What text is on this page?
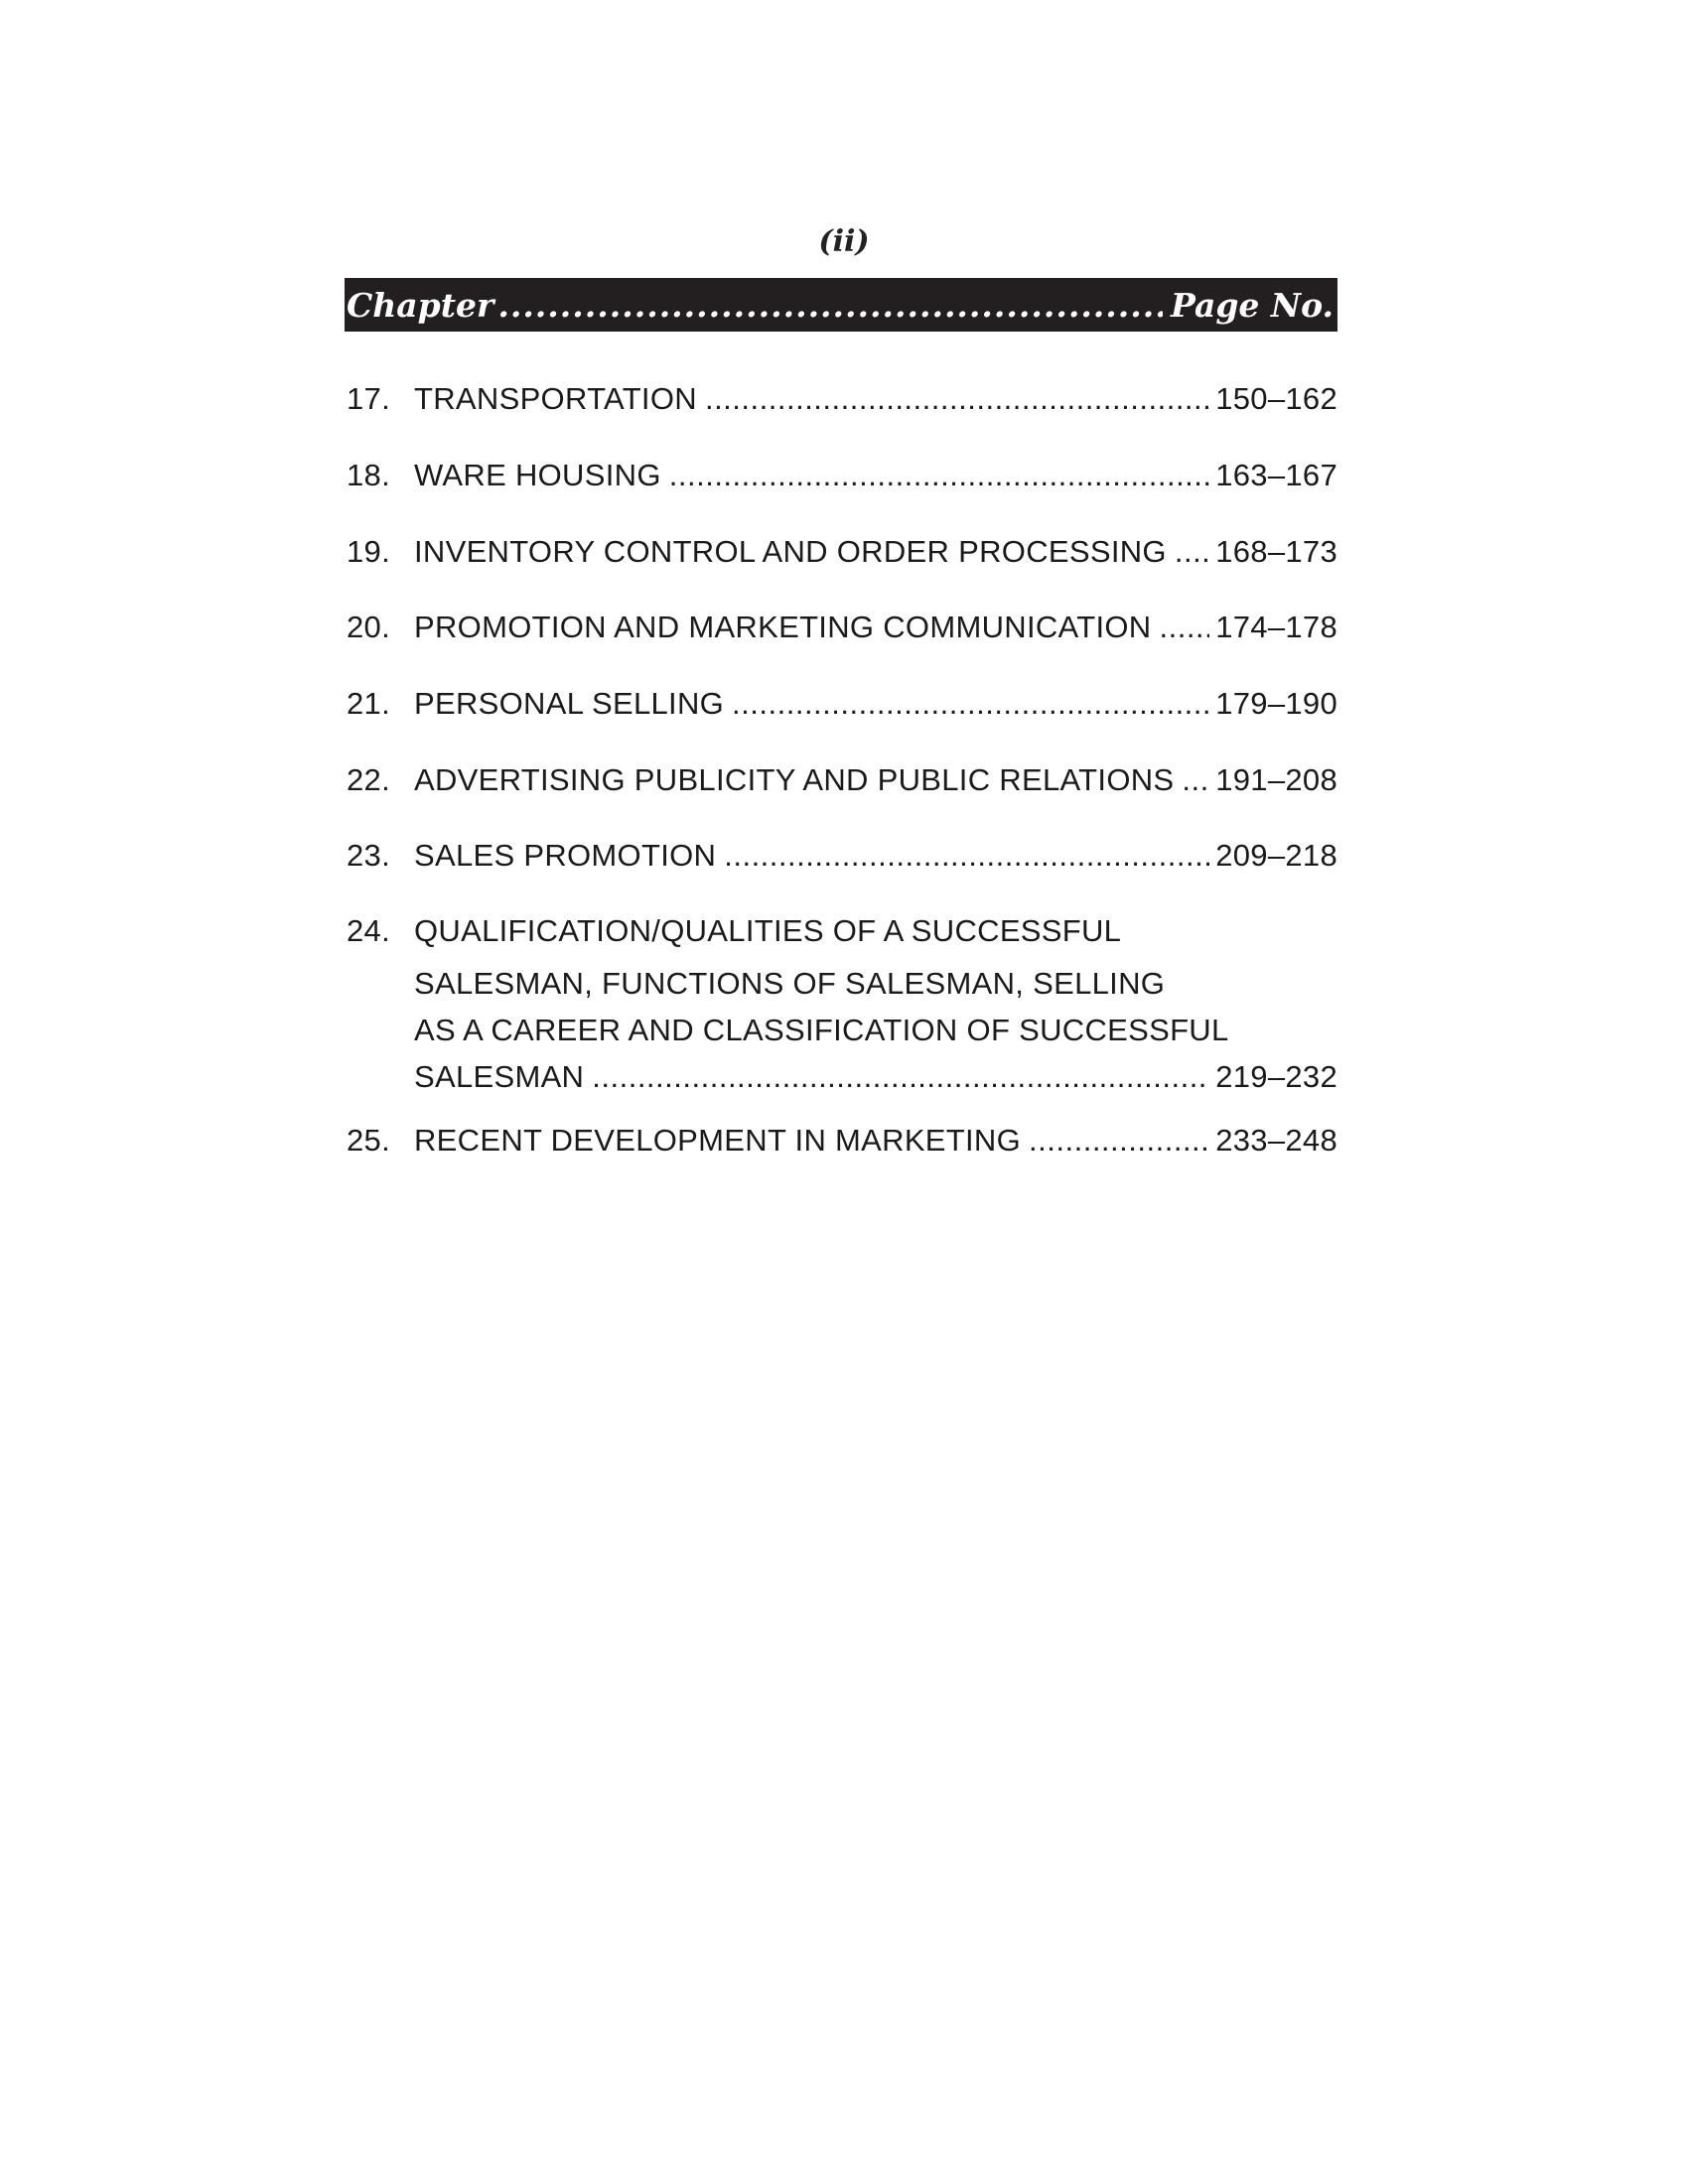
(ii)
Chapter .....	Page No.
17. TRANSPORTATION .....	150–162
18. WARE HOUSING .....	163–167
19. INVENTORY CONTROL AND ORDER PROCESSING ..... 168–173
20. PROMOTION AND MARKETING COMMUNICATION ..... 174–178
21. PERSONAL SELLING .....	179–190
22. ADVERTISING PUBLICITY AND PUBLIC RELATIONS ..... 191–208
23. SALES PROMOTION .....	209–218
24. QUALIFICATION/QUALITIES OF A SUCCESSFUL
SALESMAN, FUNCTIONS OF SALESMAN, SELLING
AS A CAREER AND CLASSIFICATION OF SUCCESSFUL
SALESMAN .....	219–232
25. RECENT DEVELOPMENT IN MARKETING .....	233–248
